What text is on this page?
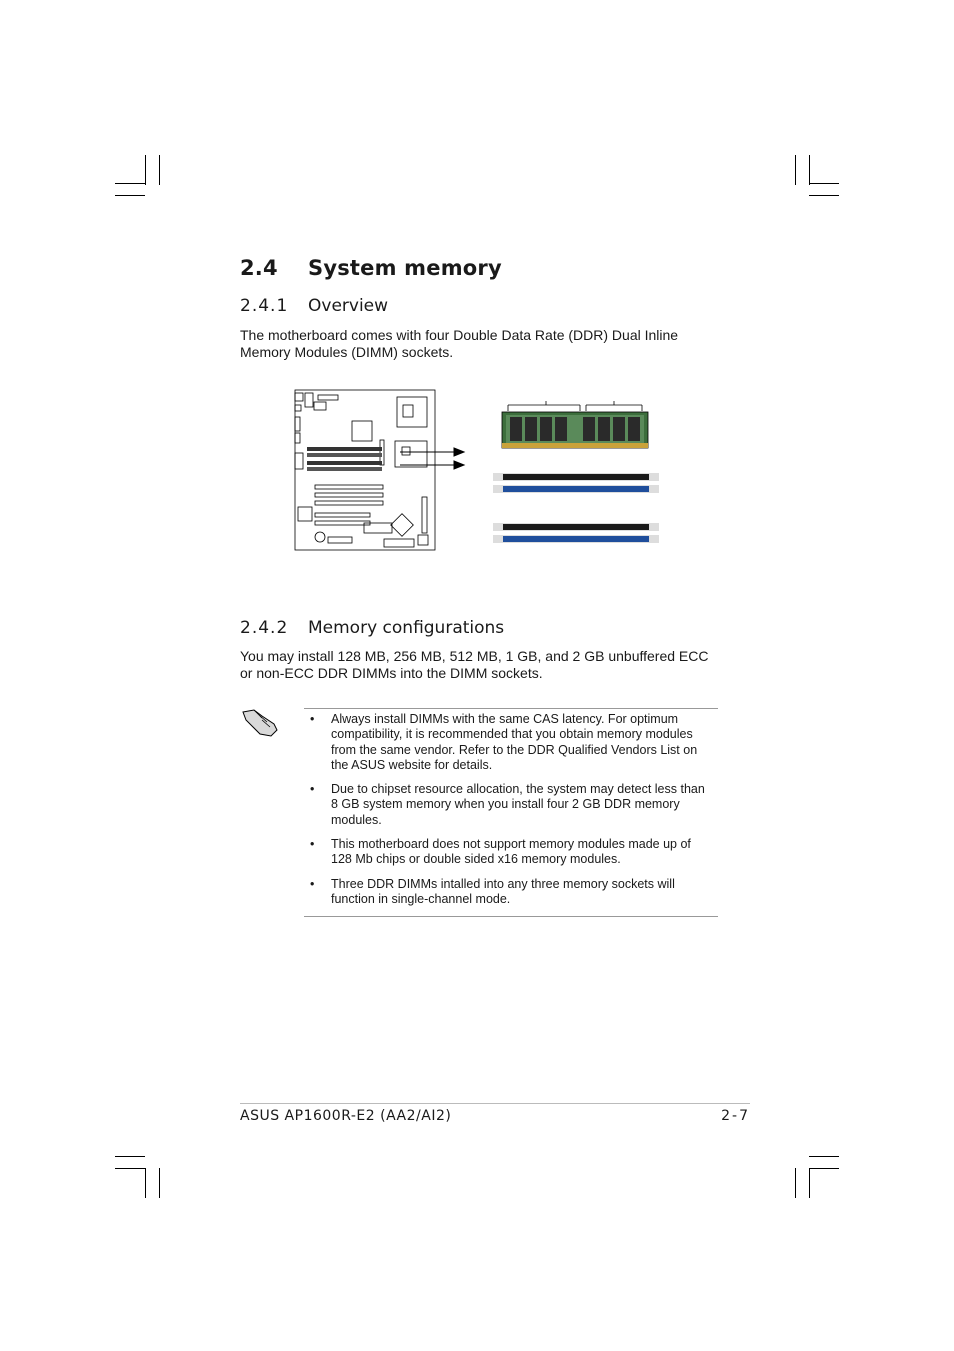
2.4 System memory
2.4.1 Overview
The motherboard comes with four Double Data Rate (DDR) Dual Inline Memory Modules (DIMM) sockets.
2.4.2 Memory configurations
You may install 128 MB, 256 MB, 512 MB, 1 GB, and 2 GB unbuffered ECC or non-ECC DDR DIMMs into the DIMM sockets.
• Always install DIMMs with the same CAS latency. For optimum compatibility, it is recommended that you obtain memory modules from the same vendor. Refer to the DDR Qualified Vendors List on the ASUS website for details.
• Due to chipset resource allocation, the system may detect less than 8 GB system memory when you install four 2 GB DDR memory modules.
• This motherboard does not support memory modules made up of 128 Mb chips or double sided x16 memory modules.
• Three DDR DIMMs intalled into any three memory sockets will function in single-channel mode.
ASUS AP1600R-E2 (AA2/AI2)	2-7
